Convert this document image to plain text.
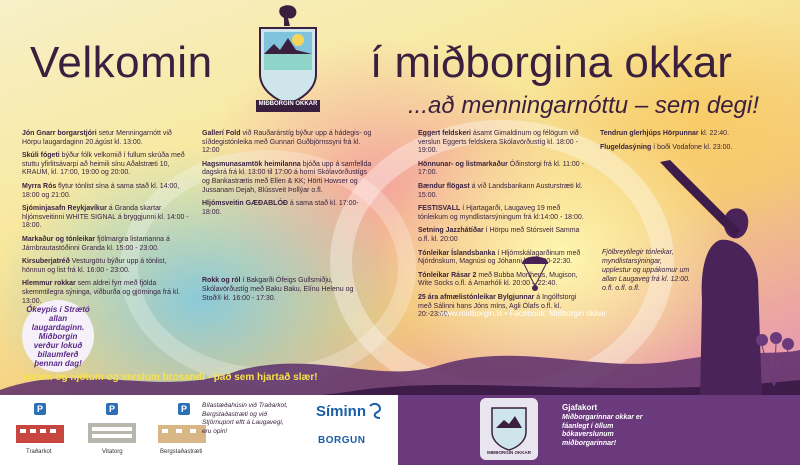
Velkomin
MIÐBORGIN OKKAR
í miðborgina okkar
...að menningarnóttu – sem degi!

Jón Gnarr borgarstjóri setur Menningarnótt við Hörpu laugardaginn 20.ágúst kl. 13:00.

Skúli fógeti býður fólk velkomið í fullum skrúða með stuttu yfirlitsávarpi að heimili sínu Aðalstræti 10, KRAUM, kl. 17:00, 19:00 og 20:00.

Myrra Rós flytur tónlist sína á sama stað kl. 14:00, 18:00 og 21:00.

Sjóminjasafn Reykjavíkur á Granda skartar hljómsveitinni WHITE SIGNAL á bryggjunni kl. 14:00 - 18:00.

Markaður og tónleikar fjölmargra listamanna á Járnbrautastöðinni Granda kl. 15:00 - 23:00.

Kirsuberjatréð Vesturgötu býður upp á tónlist, hönnun og list frá kl. 16:00 - 23:00.

Hlemmur rokkar sem aldrei fyrr með fjölda skemmtilegra sýninga, viðburða og gjörninga frá kl. 13:00.

Gallerí Fold við Rauðarárstíg býður upp á hádegis- og síðdegistónleika með Gunnari Guðbjörnssyni frá kl. 12:00

Hagsmunasamtök heimilanna bjóða upp á samfellda dagskrá frá kl. 13:00 til 17:00 á horni Skólavörðustígs og Bankastrætis með Ellen & KK; Hörti Howser og Jussanam Dejah, Blússveit Þollýar o.fl.

Hljómsveitin GÆÐABLÓÐ á sama stað kl. 17:00-18:00.

Rokk og ról í Bakgarði Ófeigs Gullsmiðju, Skólavörðustíg með Baku Baku, Elínu Helenu og Stoð® kl. 16:00 - 17:30.

Eggert feldskeri ásamt Gimaldinum og félögum við verslun Eggerts feldskera Skólavörðustíg kl. 18:00 - 19:00.

Hönnunar- og listmarkaður Óðinstorgi frá kl. 11:00 - 17:00.

Bændur flögast á við Landsbankann Austurstræti kl. 15:00.

FESTISVALL í Hjartagarði, Laugaveg 19 með tónleikum og myndlistarsýningum frá kl:14:00 - 18:00.

Setning Jazzhátíðar í Hörpu með Stórsveit Samma o.fl. kl. 20:00

Tónleikar Íslandsbanka í Hljómskálagarðinum með Njórdnskum, Magnúsi og Jóhanni kl. 20:00-22:30.

Tónleikar Rásar 2 með Bubba Morthens, Mugison, Wite Socks o.fl. á Arnarhóli kl. 20:00 – 22:40.

25 ára afmælistónleikar Bylgjunnar á Ingólfstorgi með Sálinni hans Jóns míns, Agli Ólafs o.fl. kl. 20:-23:00.

Tendrun glerhjúps Hörpunnar kl. 22:40.

Flugeldasýning í boði Vodafone kl. 23:00.

Fjölbreytilegir tónleikar, myndlistarsýningar, upplestur og uppákomur um allan Laugaveg frá kl. 12:00. o.fl. o.fl. o.fl.
www.midborgin.is • Facebook: Miðborgin okkar
Ókeypis í Strætó allan laugardaginn. Miðborgin verður lokuð bílaumferð þennan dag!
Verum og njótum og verslum brosandi - það sem hjartað slær!
P	P	P
Traðarkot	Vitatorg	Bergstaðastræti
Bílastæðahúsin við Traðarkot, Bergstaðastræti og við Stjörnuport eftt á Laugavegi, eru opin!
Síminn
BORGUN
MIÐBORGIN OKKAR
Gjafakort
Miðborgarinnar okkar er fáanlegt í öllum bókaverslunum miðborgarinnar!
